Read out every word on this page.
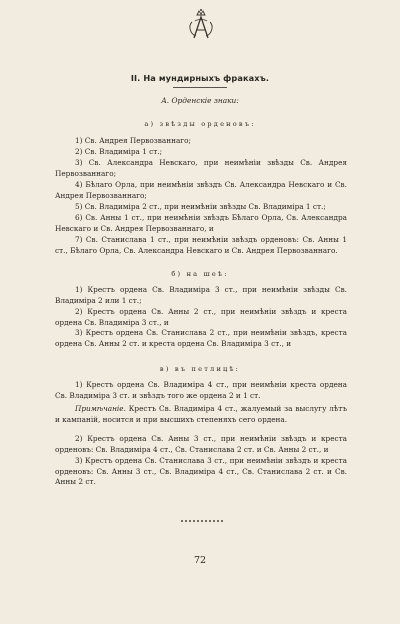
II. На мундирныхъ фракахъ.
А. Орденскіе знаки:
а) звѣзды орденовъ:

1) Св. Андрея Первозваннаго;

2) Св. Владиміра 1 ст.;

3) Св. Александра Невскаго, при неимѣніи звѣзды Св. Андрея Первозваннаго;

4) Бѣлаго Орла, при неимѣніи звѣздъ Св. Александра Невскаго и Св. Андрея Первозваннаго;

5) Св. Владиміра 2 ст., при неимѣніи звѣзды Св. Владиміра 1 ст.;

6) Св. Анны 1 ст., при неимѣніи звѣздъ Бѣлаго Орла, Св. Александра Невскаго и Св. Андрея Первозваннаго, и

7) Св. Станислава 1 ст., при неимѣніи звѣздъ орденовъ: Св. Анны 1 ст., Бѣлаго Орла, Св. Александра Невскаго и Св. Андрея Первозваннаго.

б) на шеѣ:

1) Крестъ ордена Св. Владиміра 3 ст., при неимѣніи звѣзды Св. Владиміра 2 или 1 ст.;

2) Крестъ ордена Св. Анны 2 ст., при неимѣніи звѣздъ и креста ордена Св. Владиміра 3 ст., и

3) Крестъ ордена Св. Станислава 2 ст., при неимѣніи звѣздъ, креста ордена Св. Анны 2 ст. и креста ордена Св. Владиміра 3 ст., и

в) въ петлицѣ:

1) Крестъ ордена Св. Владиміра 4 ст., при неимѣніи креста ордена Св. Владиміра 3 ст. и звѣздъ того же ордена 2 и 1 ст.

Примѣчаніе. Крестъ Св. Владиміра 4 ст., жалуемый за выслугу лѣтъ и кампаній, носится и при высшихъ степеняхъ сего ордена.

2) Крестъ ордена Св. Анны 3 ст., при неимѣніи звѣздъ и креста орденовъ: Св. Владиміра 4 ст., Св. Станислава 2 ст. и Св. Анны 2 ст., и

3) Крестъ ордена Св. Станислава 3 ст., при неимѣніи звѣздъ и креста орденовъ: Св. Анны 3 ст., Св. Владиміра 4 ст., Св. Станислава 2 ст. и Св. Анны 2 ст.

72
